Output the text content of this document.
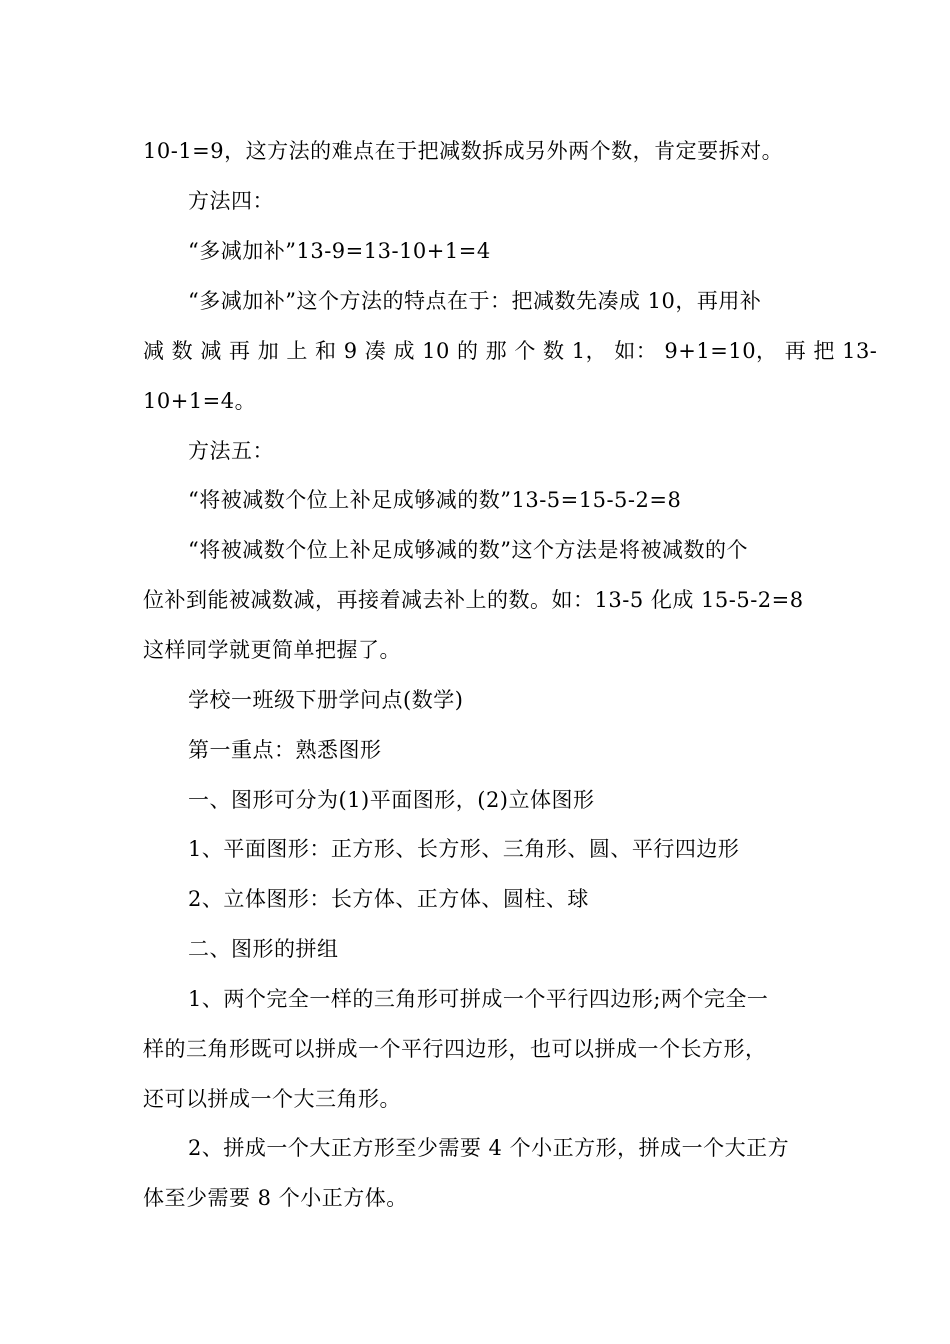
10-1=9，这方法的难点在于把减数拆成另外两个数，肯定要拆对。

方法四：

“多减加补”13-9=13-10+1=4

“多减加补”这个方法的特点在于：把减数先凑成 10，再用补

减 数 减 再 加 上 和 9 凑 成 10 的 那 个 数 1， 如： 9+1=10， 再 把 13-

10+1=4。

方法五：

“将被减数个位上补足成够减的数”13-5=15-5-2=8

“将被减数个位上补足成够减的数”这个方法是将被减数的个

位补到能被减数减，再接着减去补上的数。如：13-5 化成 15-5-2=8

这样同学就更简单把握了。

学校一班级下册学问点(数学)

第一重点：熟悉图形

一、图形可分为(1)平面图形，(2)立体图形

1、平面图形：正方形、长方形、三角形、圆、平行四边形

2、立体图形：长方体、正方体、圆柱、球

二、图形的拼组

1、两个完全一样的三角形可拼成一个平行四边形;两个完全一

样的三角形既可以拼成一个平行四边形，也可以拼成一个长方形，

还可以拼成一个大三角形。

2、拼成一个大正方形至少需要 4 个小正方形，拼成一个大正方

体至少需要 8 个小正方体。
